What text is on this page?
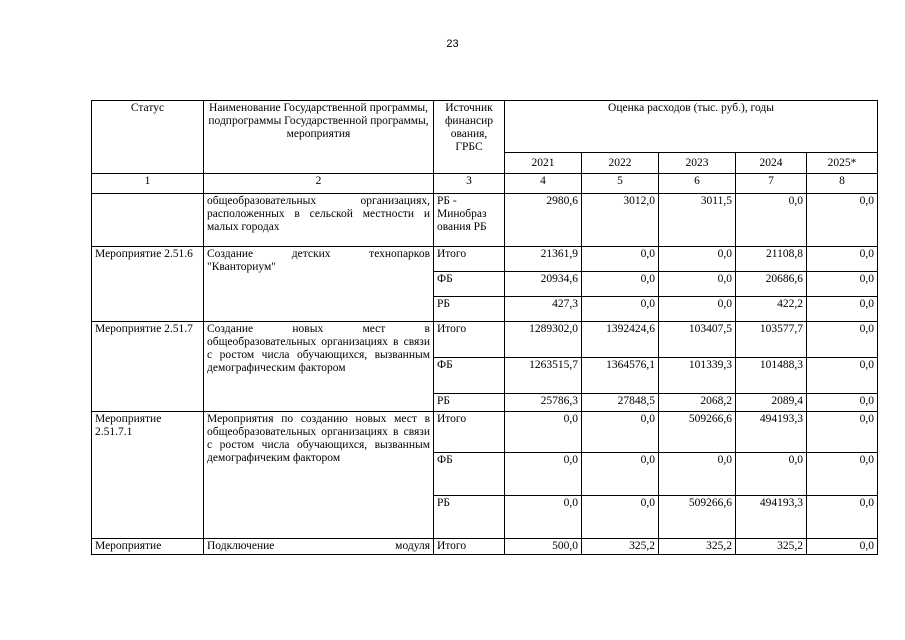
23
Статус	Наименование Государственной программы, подпрограммы Государственной программы, мероприятия	Источник финансир ования, ГРБС	Оценка расходов (тыс. руб.), годы				
			2021	2022	2023	2024	2025*
1	2	3	4	5	6	7	8
	общеобразовательных организациях, расположенных в сельской местности и малых городах	РБ - Минобраз ования РБ	2980,6	3012,0	3011,5	0,0	0,0
Мероприятие 2.51.6	Создание детских технопарков "Кванториум"	Итого	21361,9	0,0	0,0	21108,8	0,0
		ФБ	20934,6	0,0	0,0	20686,6	0,0
		РБ	427,3	0,0	0,0	422,2	0,0
Мероприятие 2.51.7	Создание новых мест в общеобразовательных организациях в связи с ростом числа обучающихся, вызванным демографическим фактором	Итого	1289302,0	1392424,6	103407,5	103577,7	0,0
		ФБ	1263515,7	1364576,1	101339,3	101488,3	0,0
		РБ	25786,3	27848,5	2068,2	2089,4	0,0
Мероприятие 2.51.7.1	Мероприятия по созданию новых мест в общеобразовательных организациях в связи с ростом числа обучающихся, вызванным демографичеким фактором	Итого	0,0	0,0	509266,6	494193,3	0,0
		ФБ	0,0	0,0	0,0	0,0	0,0
		РБ	0,0	0,0	509266,6	494193,3	0,0
Мероприятие	Подключение модуля	Итого	500,0	325,2	325,2	325,2	0,0
